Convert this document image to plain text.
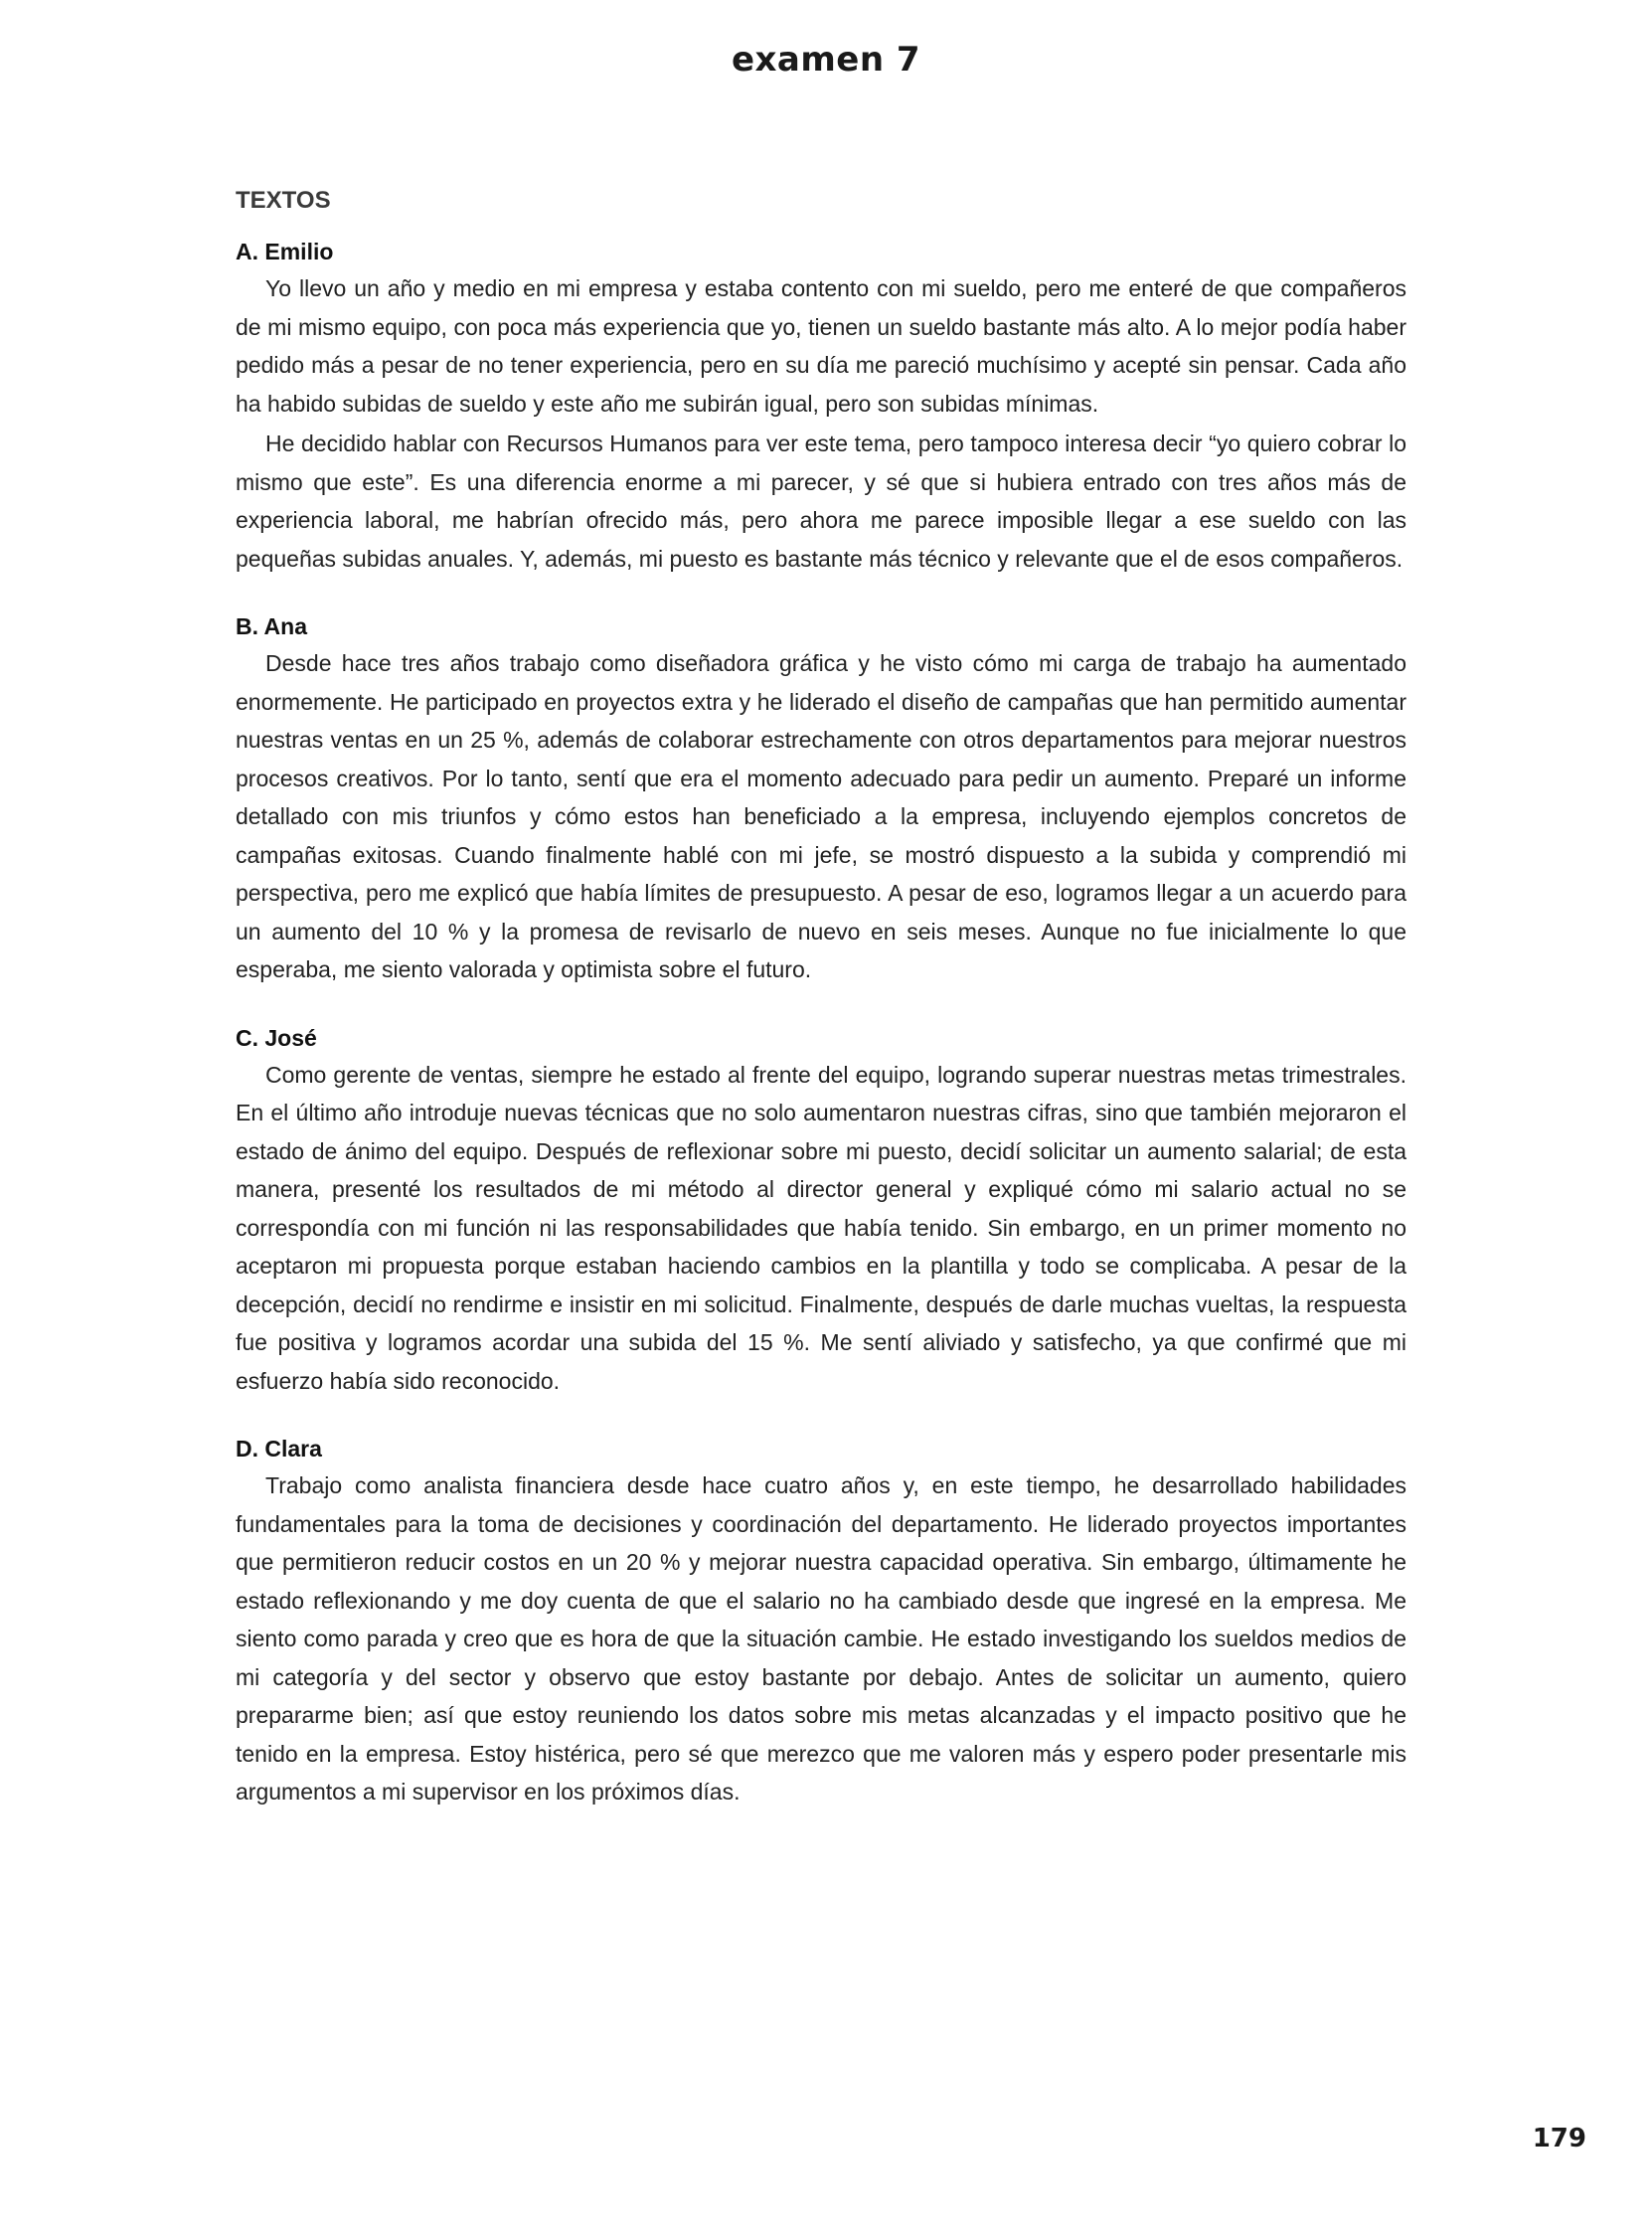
examen 7
TEXTOS
A. Emilio

Yo llevo un año y medio en mi empresa y estaba contento con mi sueldo, pero me enteré de que compañeros de mi mismo equipo, con poca más experiencia que yo, tienen un sueldo bastante más alto. A lo mejor podía haber pedido más a pesar de no tener experiencia, pero en su día me pareció muchísimo y acepté sin pensar. Cada año ha habido subidas de sueldo y este año me subirán igual, pero son subidas mínimas.

He decidido hablar con Recursos Humanos para ver este tema, pero tampoco interesa decir “yo quiero cobrar lo mismo que este”. Es una diferencia enorme a mi parecer, y sé que si hubiera entrado con tres años más de experiencia laboral, me habrían ofrecido más, pero ahora me parece imposible llegar a ese sueldo con las pequeñas subidas anuales. Y, además, mi puesto es bastante más técnico y relevante que el de esos compañeros.

B. Ana

Desde hace tres años trabajo como diseñadora gráfica y he visto cómo mi carga de trabajo ha aumentado enormemente. He participado en proyectos extra y he liderado el diseño de campañas que han permitido aumentar nuestras ventas en un 25 %, además de colaborar estrechamente con otros departamentos para mejorar nuestros procesos creativos. Por lo tanto, sentí que era el momento adecuado para pedir un aumento. Preparé un informe detallado con mis triunfos y cómo estos han beneficiado a la empresa, incluyendo ejemplos concretos de campañas exitosas. Cuando finalmente hablé con mi jefe, se mostró dispuesto a la subida y comprendió mi perspectiva, pero me explicó que había límites de presupuesto. A pesar de eso, logramos llegar a un acuerdo para un aumento del 10 % y la promesa de revisarlo de nuevo en seis meses. Aunque no fue inicialmente lo que esperaba, me siento valorada y optimista sobre el futuro.

C. José

Como gerente de ventas, siempre he estado al frente del equipo, logrando superar nuestras metas trimestrales. En el último año introduje nuevas técnicas que no solo aumentaron nuestras cifras, sino que también mejoraron el estado de ánimo del equipo. Después de reflexionar sobre mi puesto, decidí solicitar un aumento salarial; de esta manera, presenté los resultados de mi método al director general y expliqué cómo mi salario actual no se correspondía con mi función ni las responsabilidades que había tenido. Sin embargo, en un primer momento no aceptaron mi propuesta porque estaban haciendo cambios en la plantilla y todo se complicaba. A pesar de la decepción, decidí no rendirme e insistir en mi solicitud. Finalmente, después de darle muchas vueltas, la respuesta fue positiva y logramos acordar una subida del 15 %. Me sentí aliviado y satisfecho, ya que confirmé que mi esfuerzo había sido reconocido.

D. Clara

Trabajo como analista financiera desde hace cuatro años y, en este tiempo, he desarrollado habilidades fundamentales para la toma de decisiones y coordinación del departamento. He liderado proyectos importantes que permitieron reducir costos en un 20 % y mejorar nuestra capacidad operativa. Sin embargo, últimamente he estado reflexionando y me doy cuenta de que el salario no ha cambiado desde que ingresé en la empresa. Me siento como parada y creo que es hora de que la situación cambie. He estado investigando los sueldos medios de mi categoría y del sector y observo que estoy bastante por debajo. Antes de solicitar un aumento, quiero prepararme bien; así que estoy reuniendo los datos sobre mis metas alcanzadas y el impacto positivo que he tenido en la empresa. Estoy histérica, pero sé que merezco que me valoren más y espero poder presentarle mis argumentos a mi supervisor en los próximos días.

179
